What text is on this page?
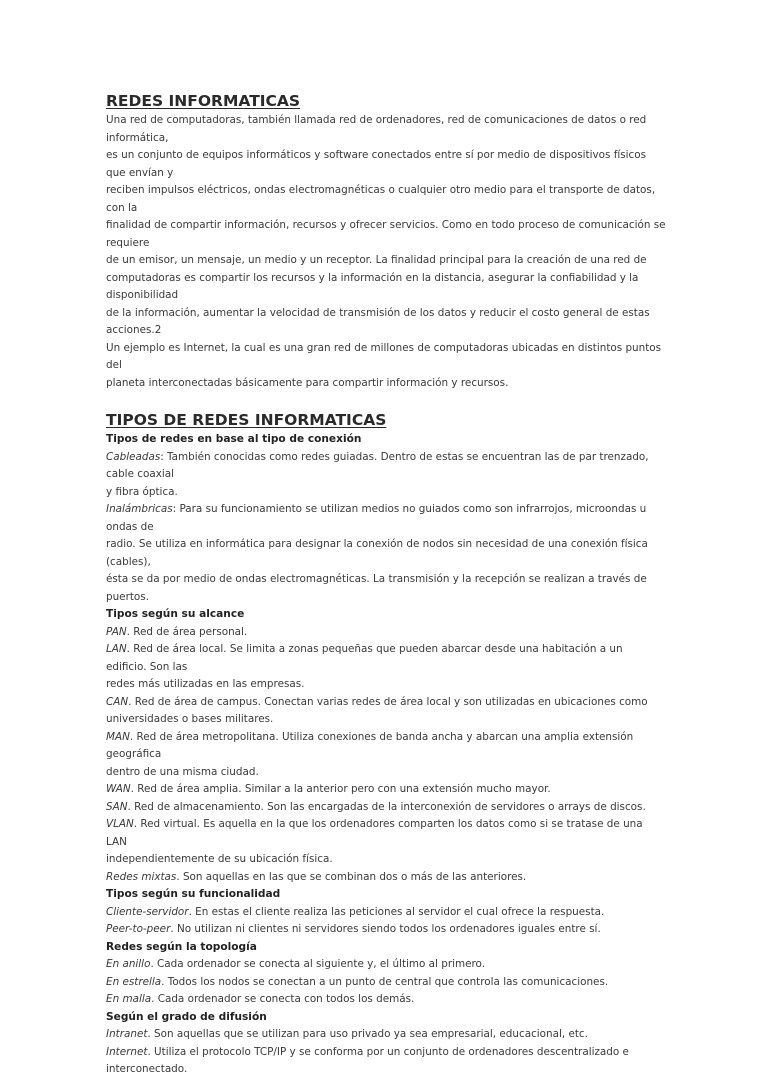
REDES INFORMATICAS
Una red de computadoras, también llamada red de ordenadores, red de comunicaciones de datos o red informática,
es un conjunto de equipos informáticos y software conectados entre sí por medio de dispositivos físicos que envían y
reciben impulsos eléctricos, ondas electromagnéticas o cualquier otro medio para el transporte de datos, con la
finalidad de compartir información, recursos y ofrecer servicios. Como en todo proceso de comunicación se requiere
de un emisor, un mensaje, un medio y un receptor. La finalidad principal para la creación de una red de
computadoras es compartir los recursos y la información en la distancia, asegurar la confiabilidad y la disponibilidad
de la información, aumentar la velocidad de transmisión de los datos y reducir el costo general de estas acciones.2
Un ejemplo es Internet, la cual es una gran red de millones de computadoras ubicadas en distintos puntos del
planeta interconectadas básicamente para compartir información y recursos.
TIPOS DE REDES INFORMATICAS
Tipos de redes en base al tipo de conexión
Cableadas: También conocidas como redes guiadas. Dentro de estas se encuentran las de par trenzado, cable coaxial
y fibra óptica.
Inalámbricas: Para su funcionamiento se utilizan medios no guiados como son infrarrojos, microondas u ondas de
radio. Se utiliza en informática para designar la conexión de nodos sin necesidad de una conexión física (cables),
ésta se da por medio de ondas electromagnéticas. La transmisión y la recepción se realizan a través de puertos.
Tipos según su alcance
PAN. Red de área personal.
LAN. Red de área local. Se limita a zonas pequeñas que pueden abarcar desde una habitación a un edificio. Son las
redes más utilizadas en las empresas.
CAN. Red de área de campus. Conectan varias redes de área local y son utilizadas en ubicaciones como
universidades o bases militares.
MAN. Red de área metropolitana. Utiliza conexiones de banda ancha y abarcan una amplia extensión geográfica
dentro de una misma ciudad.
WAN. Red de área amplia. Similar a la anterior pero con una extensión mucho mayor.
SAN. Red de almacenamiento. Son las encargadas de la interconexión de servidores o arrays de discos.
VLAN. Red virtual. Es aquella en la que los ordenadores comparten los datos como si se tratase de una LAN
independientemente de su ubicación física.
Redes mixtas. Son aquellas en las que se combinan dos o más de las anteriores.
Tipos según su funcionalidad
Cliente-servidor. En estas el cliente realiza las peticiones al servidor el cual ofrece la respuesta.
Peer-to-peer. No utilizan ni clientes ni servidores siendo todos los ordenadores iguales entre sí.
Redes según la topología
En anillo. Cada ordenador se conecta al siguiente y, el último al primero.
En estrella. Todos los nodos se conectan a un punto de central que controla las comunicaciones.
En malla. Cada ordenador se conecta con todos los demás.
Según el grado de difusión
Intranet. Son aquellas que se utilizan para uso privado ya sea empresarial, educacional, etc.
Internet. Utiliza el protocolo TCP/IP y se conforma por un conjunto de ordenadores descentralizado e interconectado.
